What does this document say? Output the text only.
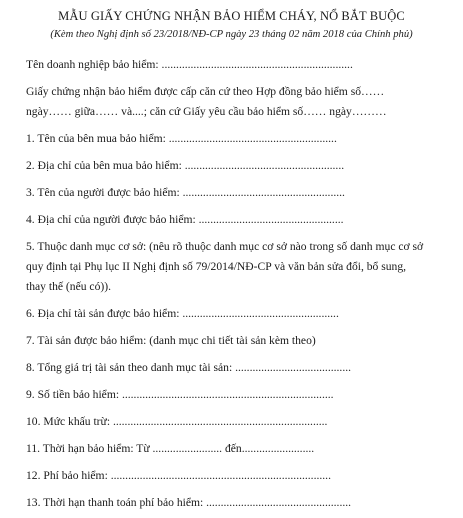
MẪU GIẤY CHỨNG NHẬN BẢO HIỂM CHÁY, NỔ BẮT BUỘC

(Kèm theo Nghị định số 23/2018/NĐ-CP ngày 23 tháng 02 năm 2018 của Chính phủ)

Tên doanh nghiệp bảo hiểm: ..................................................................

Giấy chứng nhận bảo hiểm được cấp căn cứ theo Hợp đồng bảo hiểm số……

ngày…… giữa…… và....; căn cứ Giấy yêu cầu bảo hiểm số…… ngày………

1. Tên của bên mua bảo hiểm: ..........................................................

2. Địa chỉ của bên mua bảo hiểm: .......................................................

3. Tên của người được bảo hiểm: ........................................................

4. Địa chỉ của người được bảo hiểm: ..................................................

5. Thuộc danh mục cơ sở: (nêu rõ thuộc danh mục cơ sở nào trong số danh mục cơ sở

quy định tại Phụ lục II Nghị định số 79/2014/NĐ-CP và văn bản sửa đổi, bổ sung,

thay thế (nếu có)).

6. Địa chỉ tài sản được bảo hiểm: ......................................................

7. Tài sản được bảo hiểm: (danh mục chi tiết tài sản kèm theo)

8. Tổng giá trị tài sản theo danh mục tài sản: ........................................

9. Số tiền bảo hiểm: .........................................................................

10. Mức khấu trừ: ..........................................................................

11. Thời hạn bảo hiểm: Từ ........................ đến.........................

12. Phí bảo hiểm: ............................................................................

13. Thời hạn thanh toán phí bảo hiểm: ..................................................
